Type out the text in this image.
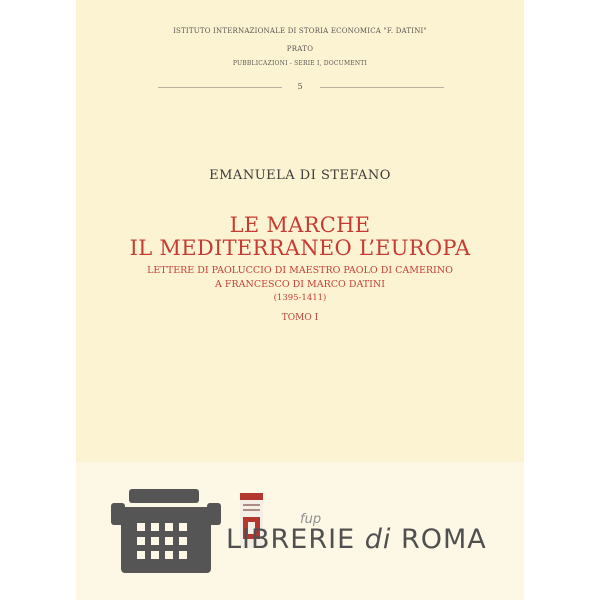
ISTITUTO INTERNAZIONALE DI STORIA ECONOMICA "F. DATINI"
PRATO
PUBBLICAZIONI - SERIE I, DOCUMENTI
5
EMANUELA DI STEFANO
LE MARCHE
IL MEDITERRANEO L’EUROPA
LETTERE DI PAOLUCCIO DI MAESTRO PAOLO DI CAMERINO
A FRANCESCO DI MARCO DATINI
(1395-1411)
TOMO I
fup
LIBRERIE di ROMA
